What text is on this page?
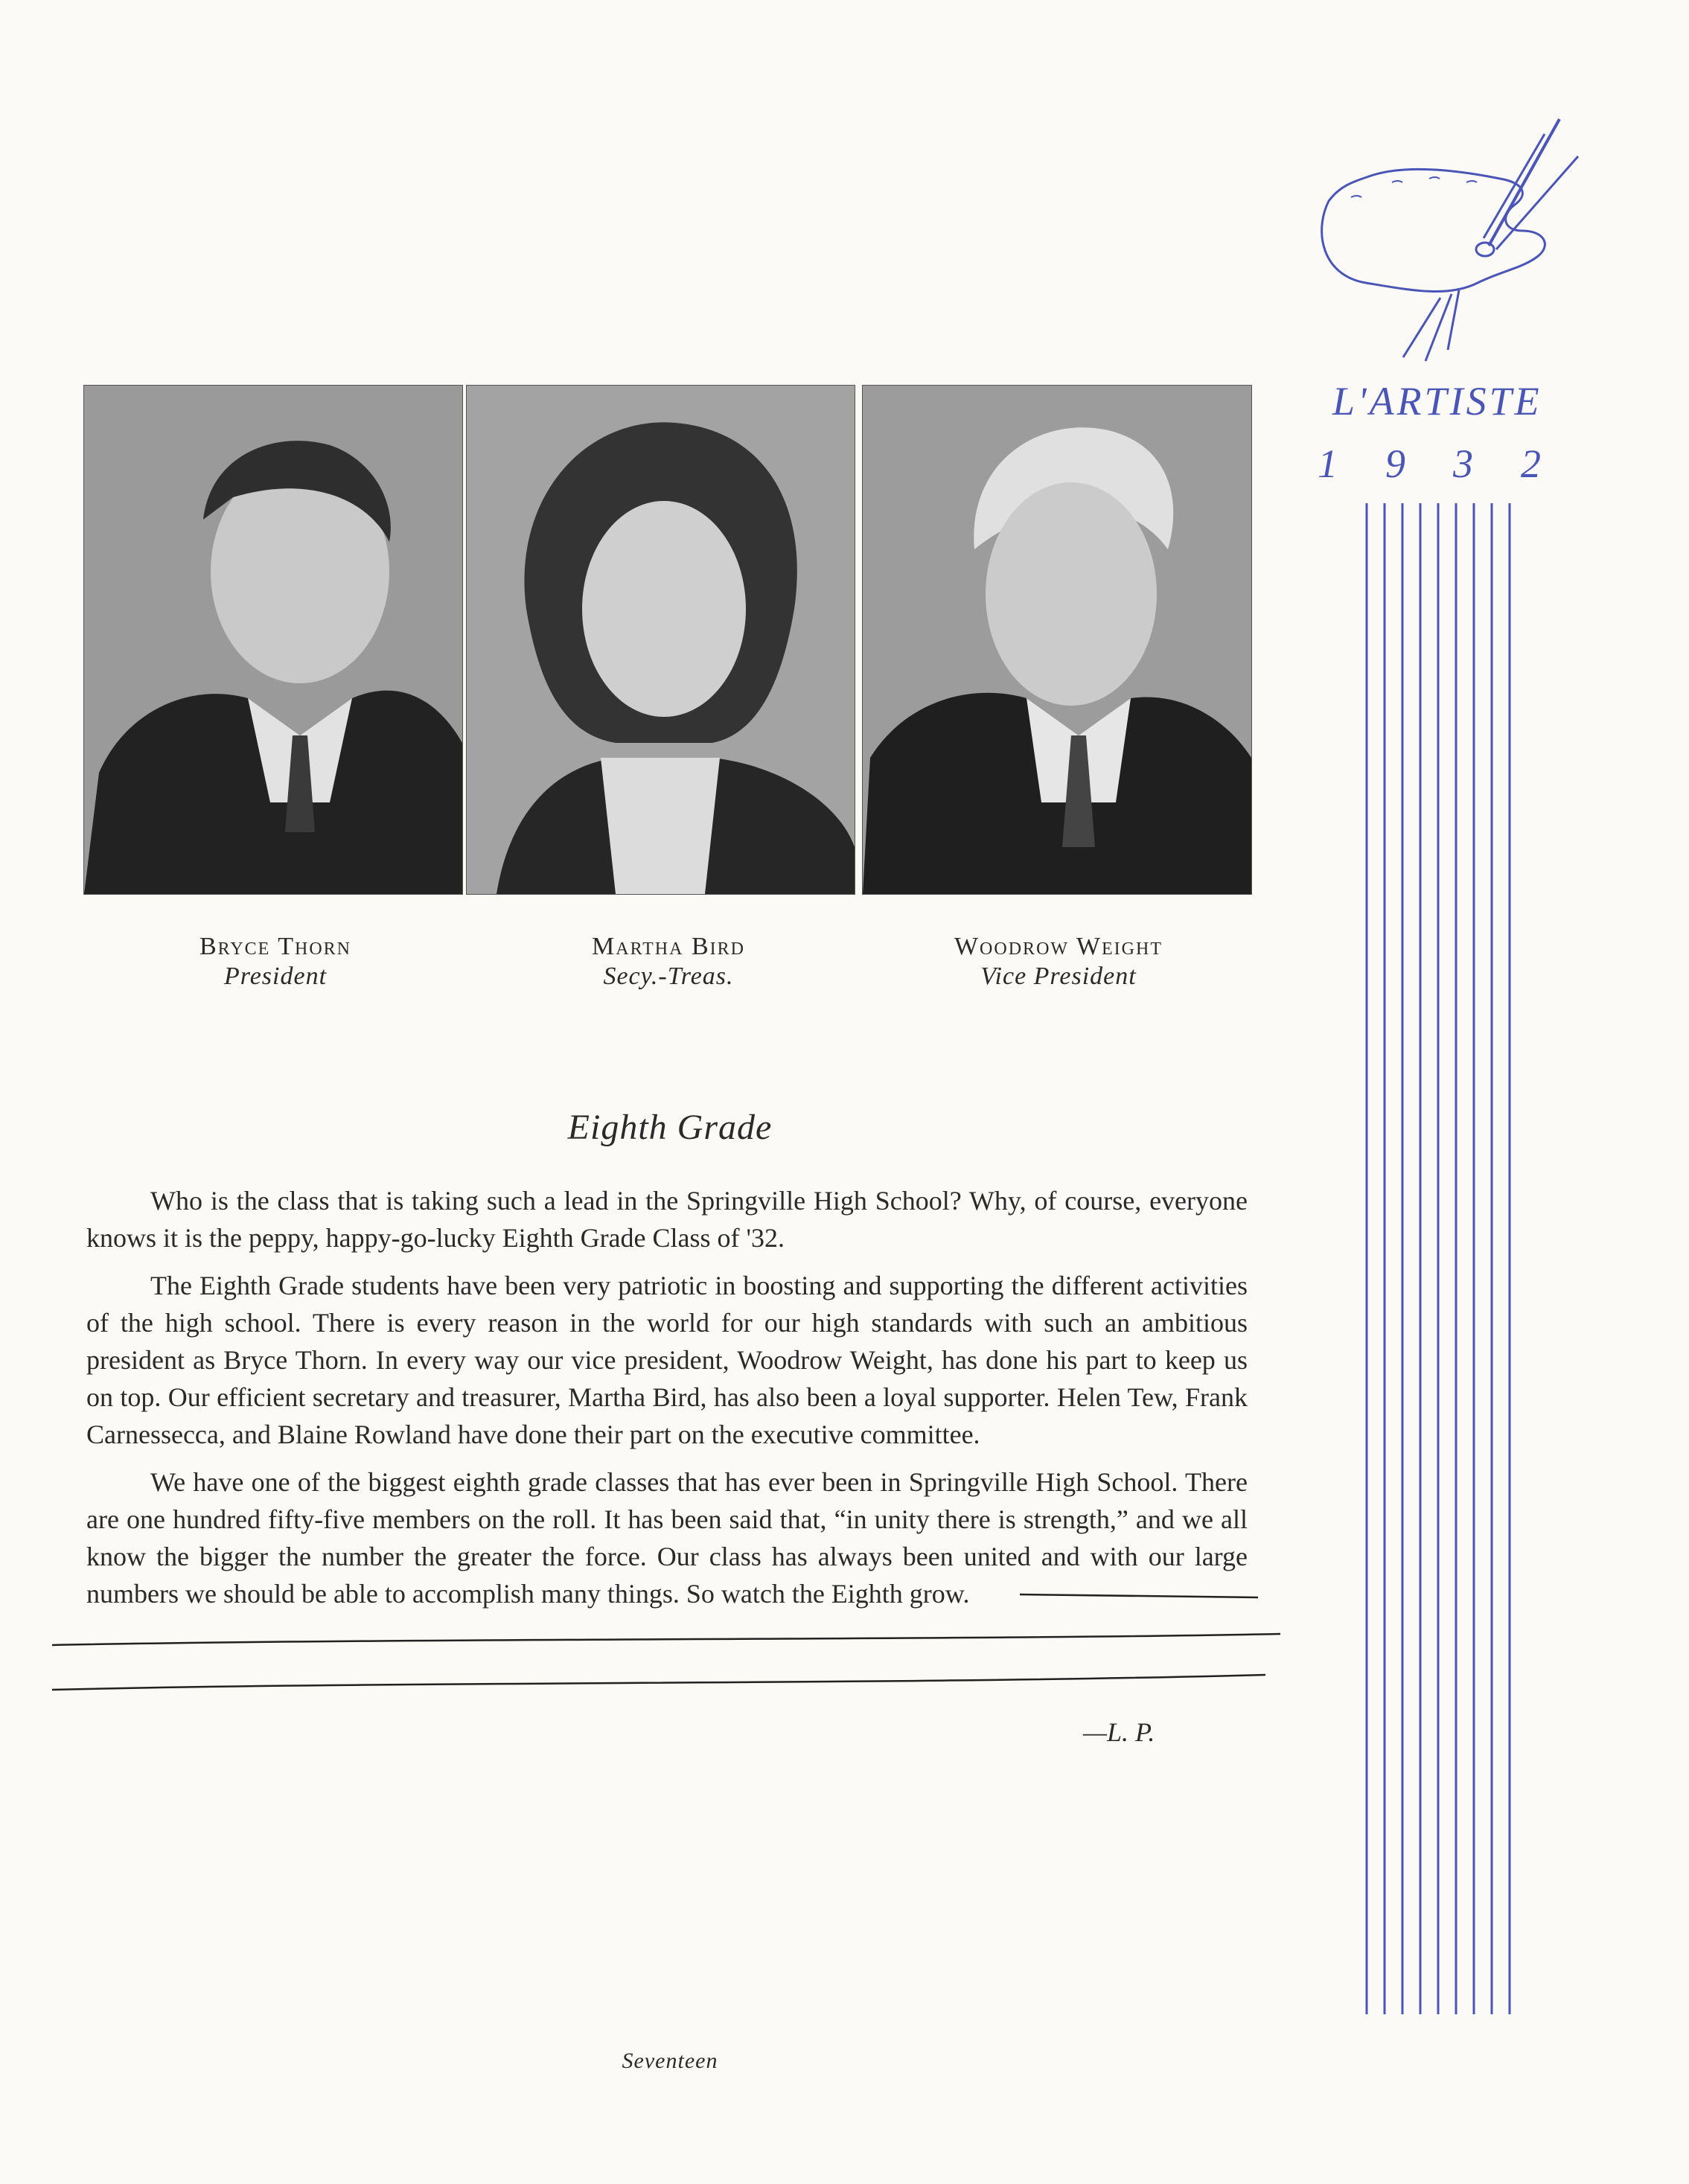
L'ARTISTE
1 9 3 2
Bryce Thorn
President
Martha Bird
Secy.-Treas.
Woodrow Weight
Vice President
Eighth Grade

Who is the class that is taking such a lead in the Springville High School? Why, of course, everyone knows it is the peppy, happy-go-lucky Eighth Grade Class of '32.

The Eighth Grade students have been very patriotic in boosting and supporting the different activities of the high school. There is every reason in the world for our high standards with such an ambitious president as Bryce Thorn. In every way our vice president, Woodrow Weight, has done his part to keep us on top. Our efficient secretary and treasurer, Martha Bird, has also been a loyal supporter. Helen Tew, Frank Carnessecca, and Blaine Rowland have done their part on the executive committee.

We have one of the biggest eighth grade classes that has ever been in Springville High School. There are one hundred fifty-five members on the roll. It has been said that, “in unity there is strength,” and we all know the bigger the number the greater the force. Our class has always been united and with our large numbers we should be able to accomplish many things. So watch the Eighth grow.

—L. P.
Seventeen
